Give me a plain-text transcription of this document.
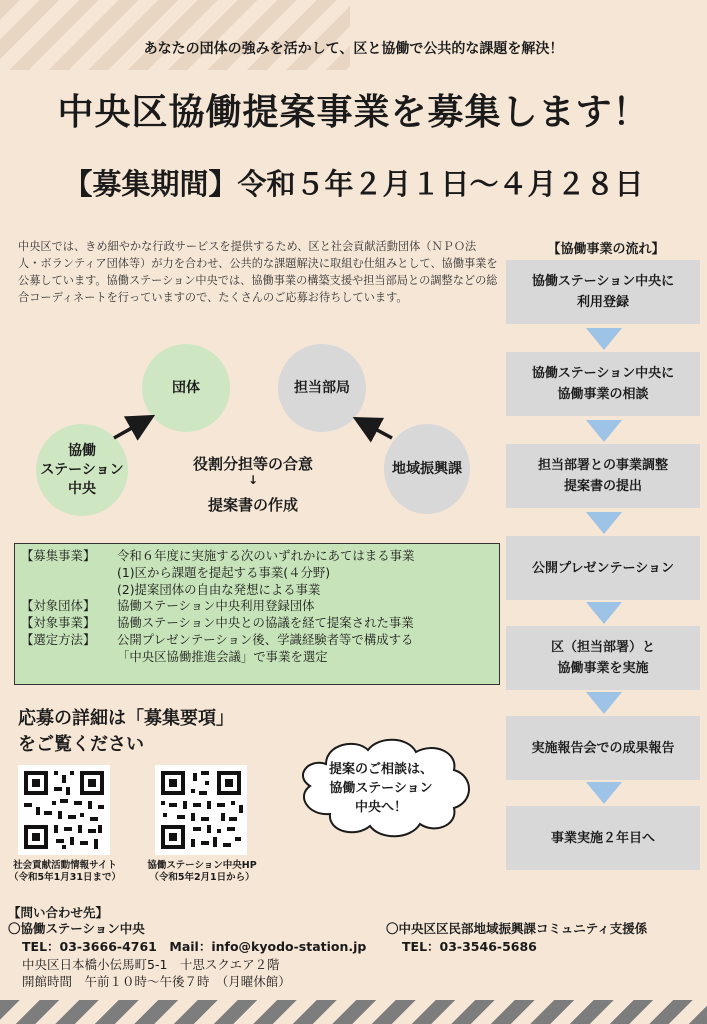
あなたの団体の強みを活かして、区と協働で公共的な課題を解決！
中央区協働提案事業を募集します！
【募集期間】令和５年２月１日～４月２８日
中央区では、きめ細やかな行政サービスを提供するため、区と社会貢献活動団体（ＮＰＯ法人・ボランティア団体等）が力を合わせ、公共的な課題解決に取組む仕組みとして、協働事業を公募しています。協働ステーション中央では、協働事業の構築支援や担当部局との調整などの総合コーディネートを行っていますので、たくさんのご応募お待ちしています。
団体	担当部局
協働
ステーション中央
地域振興課
役割分担等の合意
↓
提案書の作成
【募集事業】	令和６年度に実施する次のいずれかにあてはまる事業
(1)区から課題を提起する事業(４分野)
(2)提案団体の自由な発想による事業
【対象団体】	協働ステーション中央利用登録団体
【対象事業】	協働ステーション中央との協議を経て提案された事業
【選定方法】	公開プレゼンテーション後、学識経験者等で構成する
「中央区協働推進会議」で事業を選定
応募の詳細は「募集要項」
をご覧ください
社会貢献活動情報サイト
（令和5年1月31日まで）
協働ステーション中央HP
（令和5年2月1日から）
提案のご相談は、
協働ステーション
中央へ！
【協働事業の流れ】
協働ステーション中央に
利用登録
協働ステーション中央に
協働事業の相談
担当部署との事業調整
提案書の提出
公開プレゼンテーション
区（担当部署）と
協働事業を実施
実施報告会での成果報告
事業実施２年目へ
【問い合わせ先】
〇協働ステーション中央
TEL：03-3666-4761　Mail：info@kyodo-station.jp
中央区日本橋小伝馬町5-1　十思スクエア２階
開館時間　午前１０時～午後７時　（月曜休館）
〇中央区区民部地域振興課コミュニティ支援係
TEL：03-3546-5686
